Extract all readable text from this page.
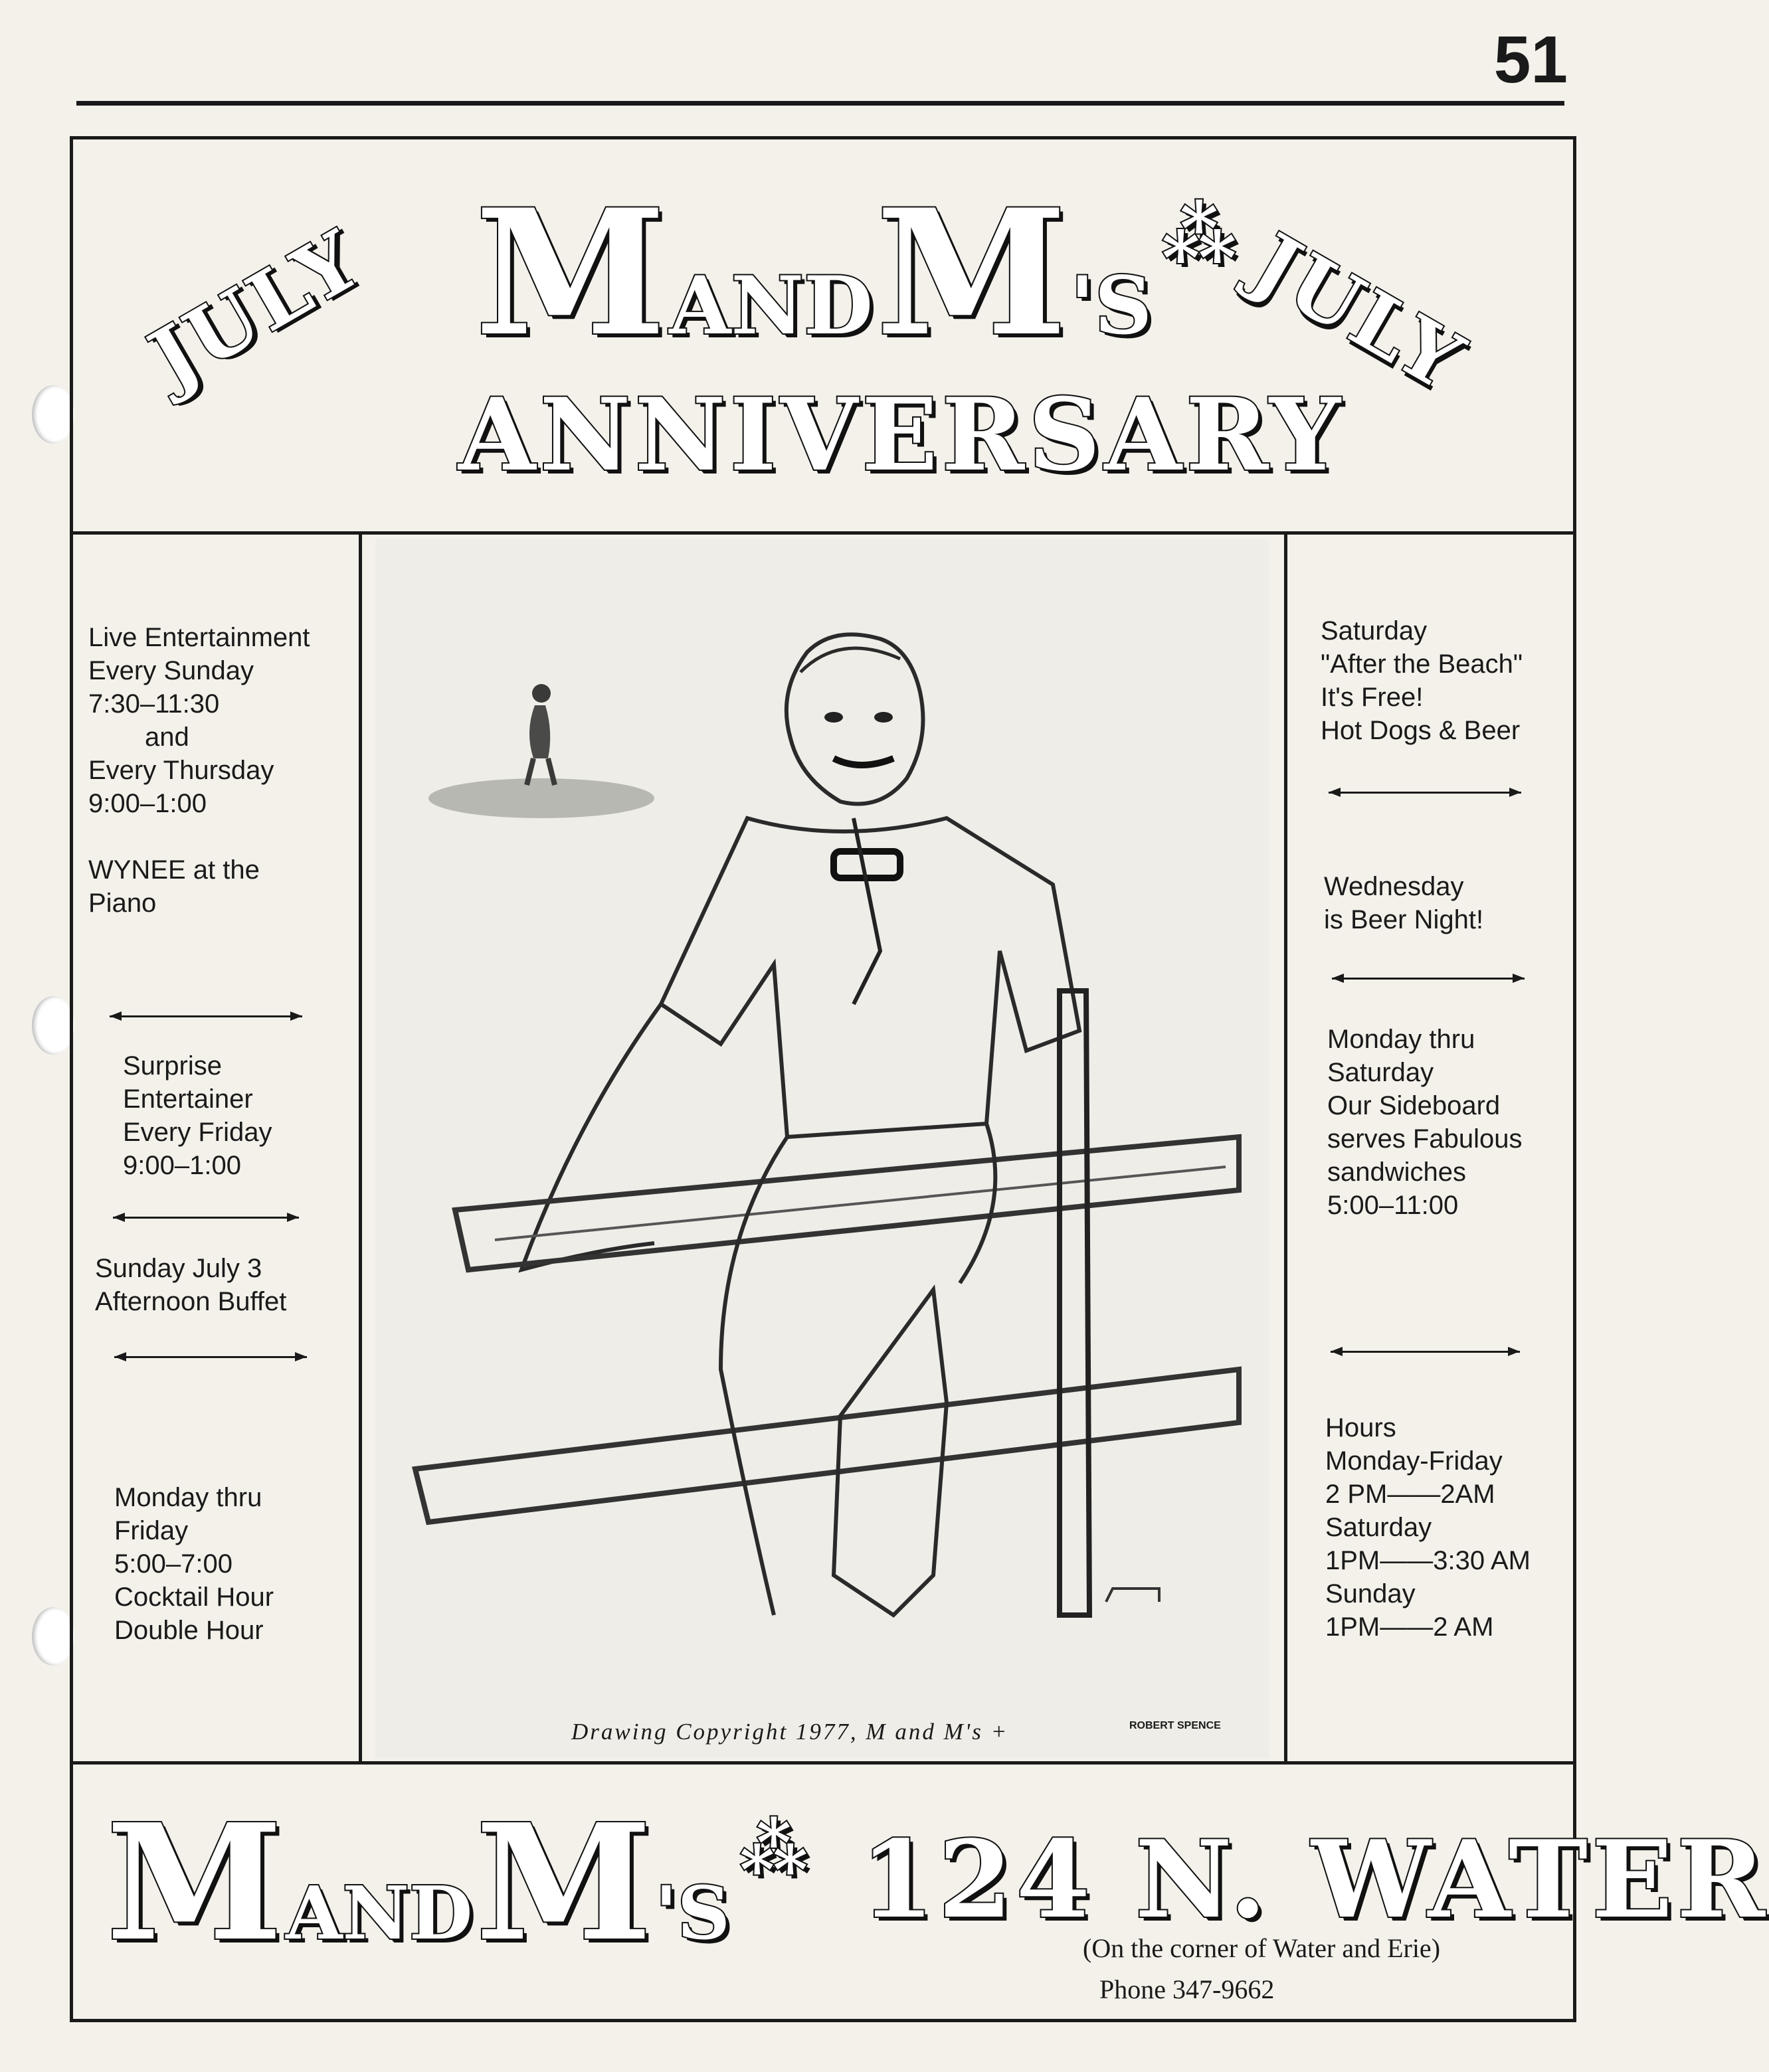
51
JULY	JULY
M AND M 'S ⁂
ANNIVERSARY
Live Entertainment
Every Sunday
7:30–11:30
and
Every Thursday
9:00–1:00
WYNEE at the
Piano
Surprise
Entertainer
Every Friday
9:00–1:00
Sunday July 3
Afternoon Buffet
Monday thru
Friday
5:00–7:00
Cocktail Hour
Double Hour
Drawing Copyright 1977, M and M's +	ROBERT SPENCE
Saturday
"After the Beach"
It's Free!
Hot Dogs & Beer
Wednesday
is Beer Night!
Monday thru
Saturday
Our Sideboard
serves Fabulous
sandwiches
5:00–11:00
Hours
Monday-Friday
2 PM——2AM
Saturday
1PM——3:30 AM
Sunday
1PM——2 AM
M AND M 'S ⁂ 124 N. WATER
(On the corner of Water and Erie)
Phone 347-9662
